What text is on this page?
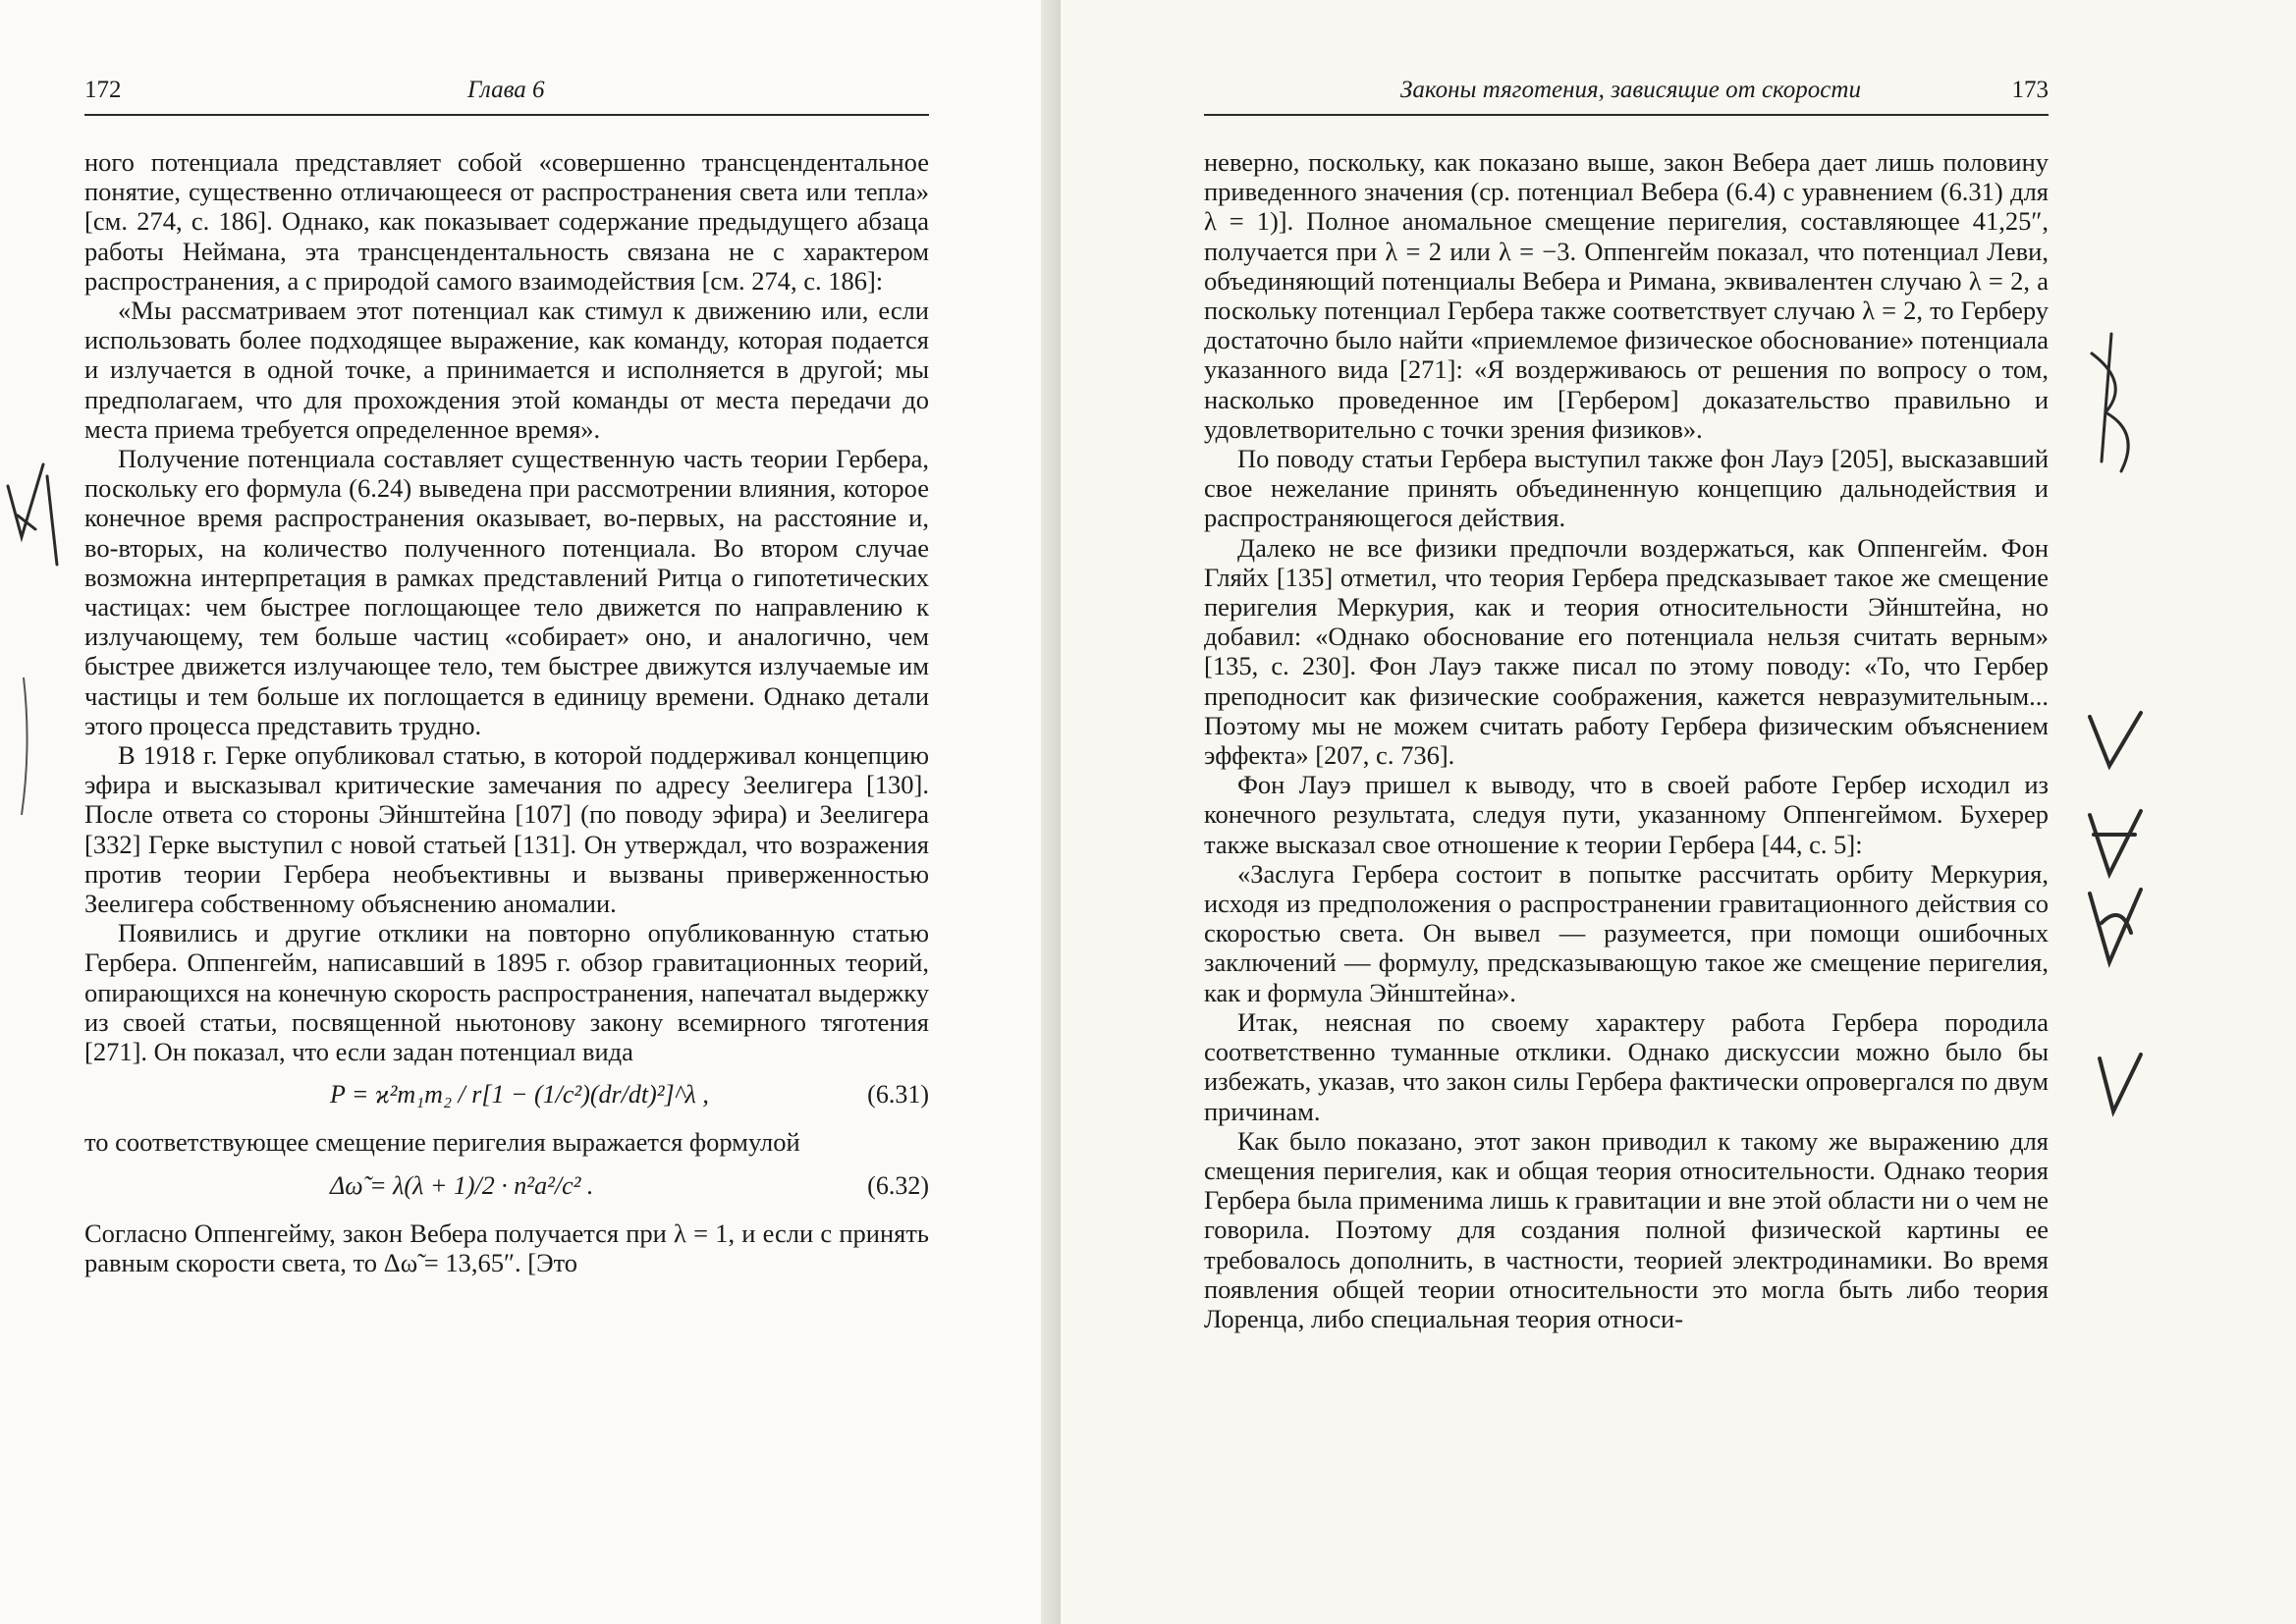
172	Глава 6

ного потенциала представляет собой «совершенно трансцендентальное понятие, существенно отличающееся от распространения света или тепла» [см. 274, с. 186]. Однако, как показывает содержание предыдущего абзаца работы Неймана, эта трансцендентальность связана не с характером распространения, а с природой самого взаимодействия [см. 274, с. 186]:

«Мы рассматриваем этот потенциал как стимул к движению или, если использовать более подходящее выражение, как команду, которая подается и излучается в одной точке, а принимается и исполняется в другой; мы предполагаем, что для прохождения этой команды от места передачи до места приема требуется определенное время».

Получение потенциала составляет существенную часть теории Гербера, поскольку его формула (6.24) выведена при рассмотрении влияния, которое конечное время распространения оказывает, во-первых, на расстояние и, во-вторых, на количество полученного потенциала. Во втором случае возможна интерпретация в рамках представлений Ритца о гипотетических частицах: чем быстрее поглощающее тело движется по направлению к излучающему, тем больше частиц «собирает» оно, и аналогично, чем быстрее движется излучающее тело, тем быстрее движутся излучаемые им частицы и тем больше их поглощается в единицу времени. Однако детали этого процесса представить трудно.

В 1918 г. Герке опубликовал статью, в которой поддерживал концепцию эфира и высказывал критические замечания по адресу Зеелигера [130]. После ответа со стороны Эйнштейна [107] (по поводу эфира) и Зеелигера [332] Герке выступил с новой статьей [131]. Он утверждал, что возражения против теории Гербера необъективны и вызваны приверженностью Зеелигера собственному объяснению аномалии.

Появились и другие отклики на повторно опубликованную статью Гербера. Оппенгейм, написавший в 1895 г. обзор гравитационных теорий, опирающихся на конечную скорость распространения, напечатал выдержку из своей статьи, посвященной ньютонову закону всемирного тяготения [271]. Он показал, что если задан потенциал вида

P = ϰ²m₁m₂ / r[1 − (1/c²)(dr/dt)²]^λ ,	(6.31)

то соответствующее смещение перигелия выражается формулой

Δω̃ = λ(λ + 1)/2 · n²a²/c² .	(6.32)

Согласно Оппенгейму, закон Вебера получается при λ = 1, и если c принять равным скорости света, то Δω̃ = 13,65″. [Это

Законы тяготения, зависящие от скорости	173

неверно, поскольку, как показано выше, закон Вебера дает лишь половину приведенного значения (ср. потенциал Вебера (6.4) с уравнением (6.31) для λ = 1)]. Полное аномальное смещение перигелия, составляющее 41,25″, получается при λ = 2 или λ = −3. Оппенгейм показал, что потенциал Леви, объединяющий потенциалы Вебера и Римана, эквивалентен случаю λ = 2, а поскольку потенциал Гербера также соответствует случаю λ = 2, то Герберу достаточно было найти «приемлемое физическое обоснование» потенциала указанного вида [271]: «Я воздерживаюсь от решения по вопросу о том, насколько проведенное им [Гербером] доказательство правильно и удовлетворительно с точки зрения физиков».

По поводу статьи Гербера выступил также фон Лауэ [205], высказавший свое нежелание принять объединенную концепцию дальнодействия и распространяющегося действия.

Далеко не все физики предпочли воздержаться, как Оппенгейм. Фон Гляйх [135] отметил, что теория Гербера предсказывает такое же смещение перигелия Меркурия, как и теория относительности Эйнштейна, но добавил: «Однако обоснование его потенциала нельзя считать верным» [135, с. 230]. Фон Лауэ также писал по этому поводу: «То, что Гербер преподносит как физические соображения, кажется невразумительным... Поэтому мы не можем считать работу Гербера физическим объяснением эффекта» [207, с. 736].

Фон Лауэ пришел к выводу, что в своей работе Гербер исходил из конечного результата, следуя пути, указанному Оппенгеймом. Бухерер также высказал свое отношение к теории Гербера [44, с. 5]:

«Заслуга Гербера состоит в попытке рассчитать орбиту Меркурия, исходя из предположения о распространении гравитационного действия со скоростью света. Он вывел — разумеется, при помощи ошибочных заключений — формулу, предсказывающую такое же смещение перигелия, как и формула Эйнштейна».

Итак, неясная по своему характеру работа Гербера породила соответственно туманные отклики. Однако дискуссии можно было бы избежать, указав, что закон силы Гербера фактически опровергался по двум причинам.

Как было показано, этот закон приводил к такому же выражению для смещения перигелия, как и общая теория относительности. Однако теория Гербера была применима лишь к гравитации и вне этой области ни о чем не говорила. Поэтому для создания полной физической картины ее требовалось дополнить, в частности, теорией электродинамики. Во время появления общей теории относительности это могла быть либо теория Лоренца, либо специальная теория относи-
